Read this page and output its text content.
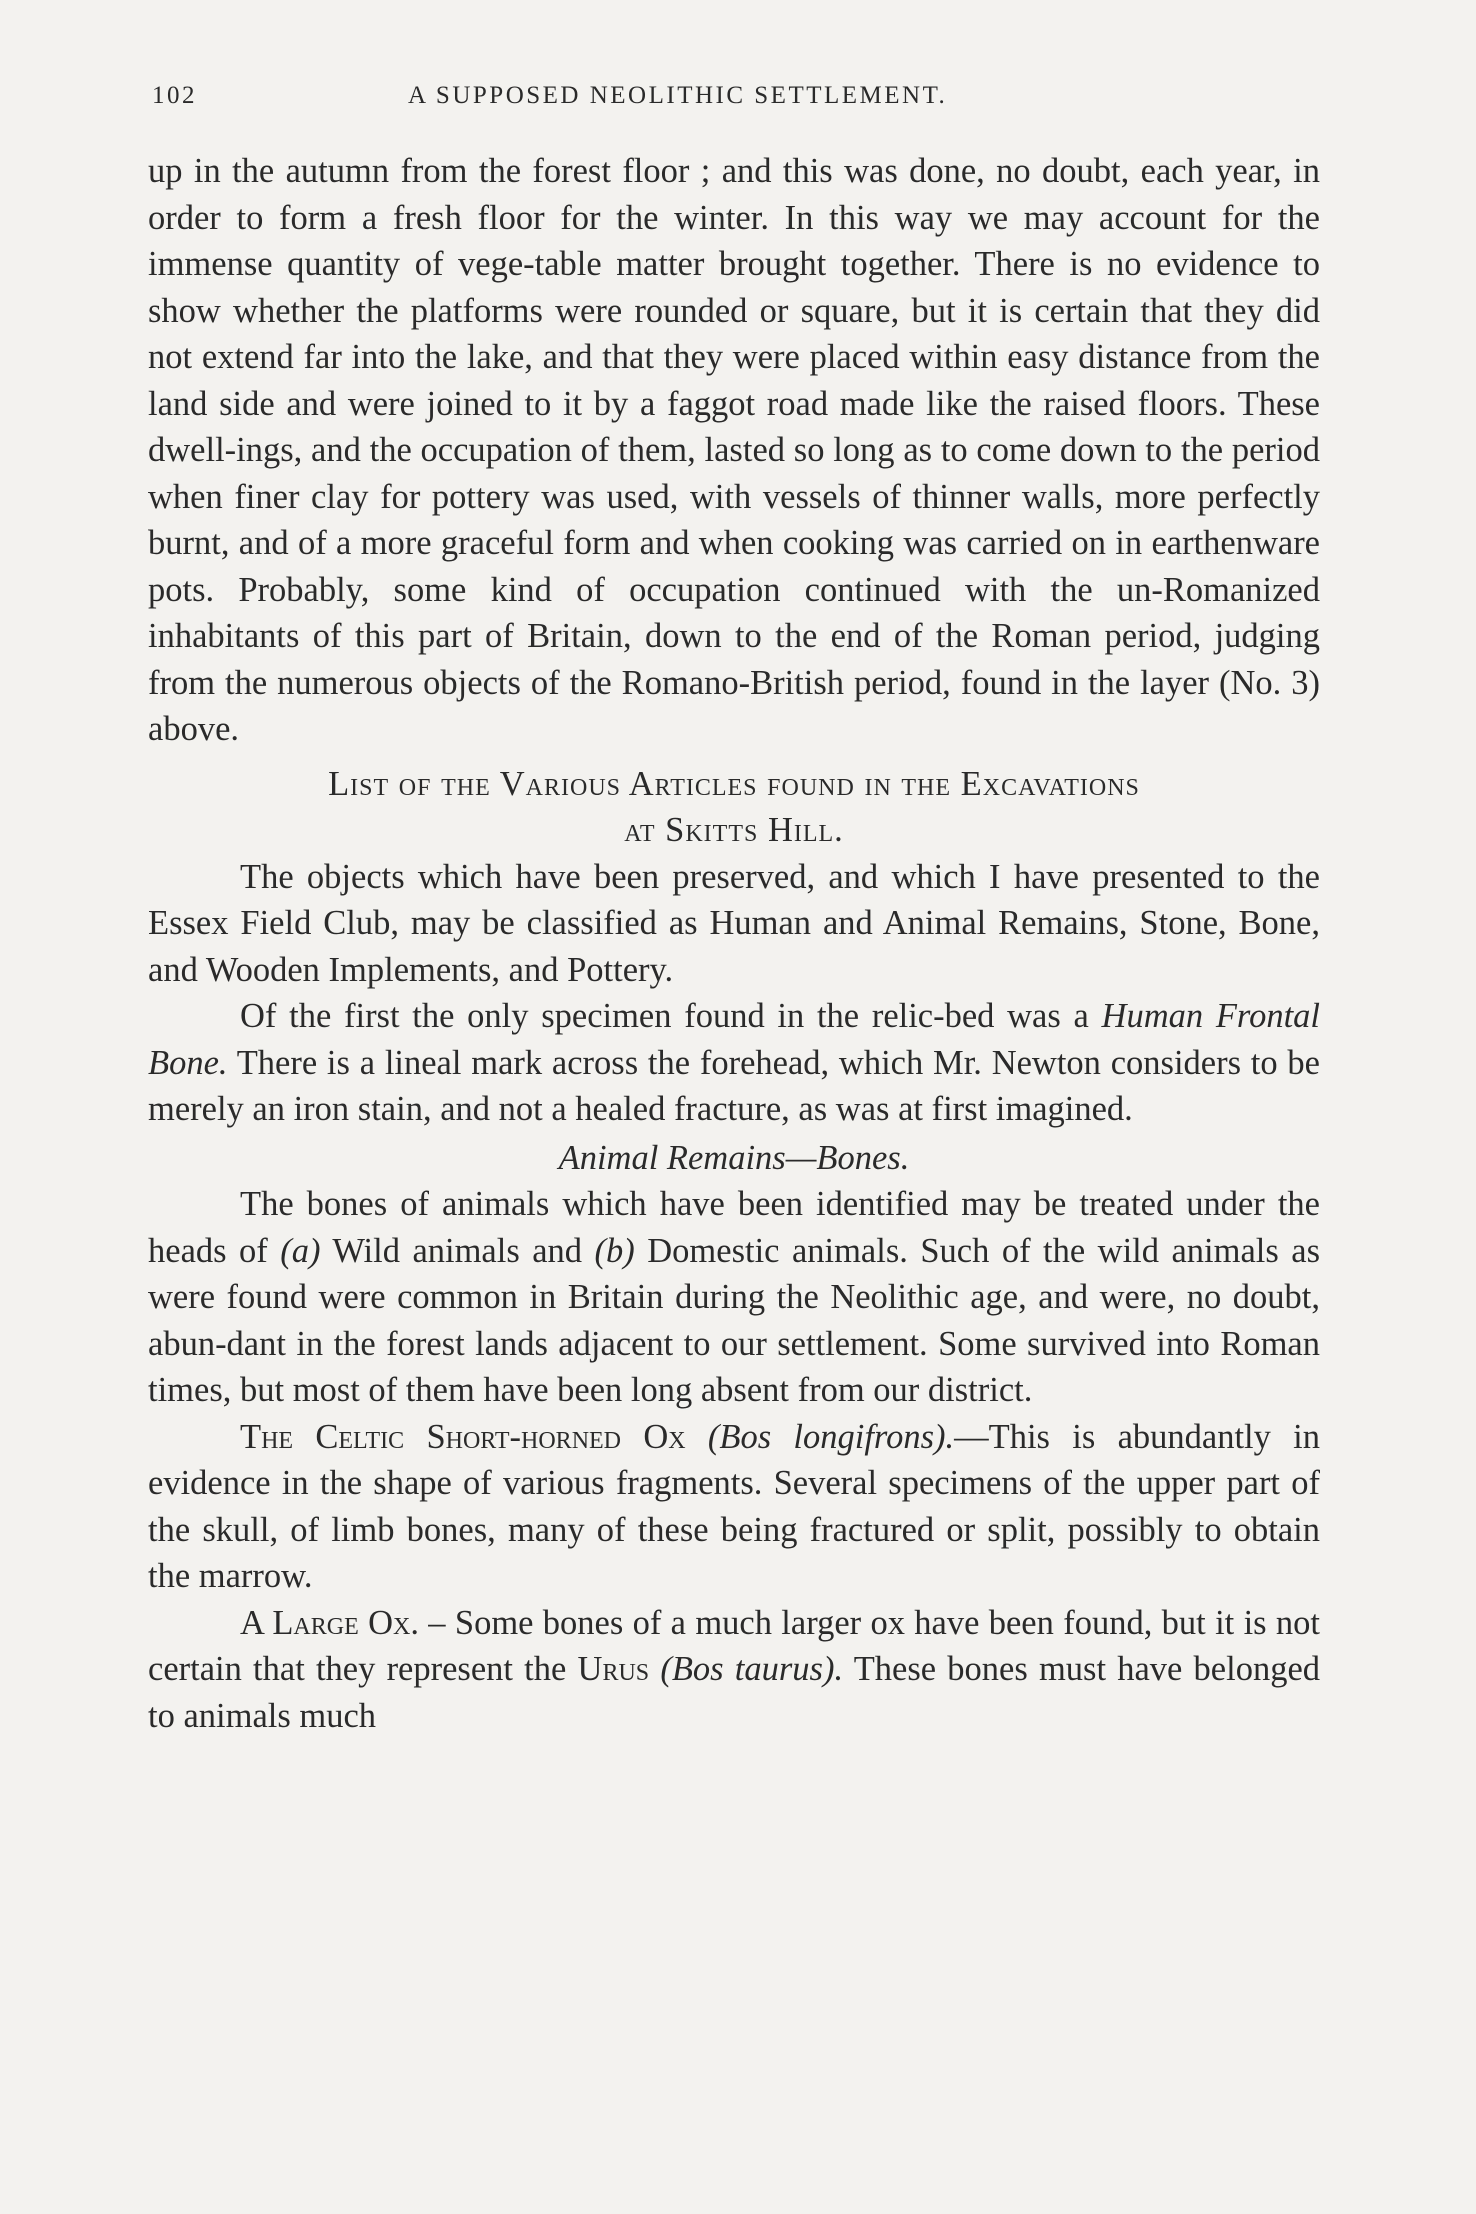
102	A SUPPOSED NEOLITHIC SETTLEMENT.

up in the autumn from the forest floor ; and this was done, no doubt, each year, in order to form a fresh floor for the winter. In this way we may account for the immense quantity of vege-table matter brought together. There is no evidence to show whether the platforms were rounded or square, but it is certain that they did not extend far into the lake, and that they were placed within easy distance from the land side and were joined to it by a faggot road made like the raised floors. These dwell-ings, and the occupation of them, lasted so long as to come down to the period when finer clay for pottery was used, with vessels of thinner walls, more perfectly burnt, and of a more graceful form and when cooking was carried on in earthenware pots. Probably, some kind of occupation continued with the un-Romanized inhabitants of this part of Britain, down to the end of the Roman period, judging from the numerous objects of the Romano-British period, found in the layer (No. 3) above.

List of the Various Articles found in the Excavations
at Skitts Hill.

The objects which have been preserved, and which I have presented to the Essex Field Club, may be classified as Human and Animal Remains, Stone, Bone, and Wooden Implements, and Pottery.

Of the first the only specimen found in the relic-bed was a Human Frontal Bone. There is a lineal mark across the forehead, which Mr. Newton considers to be merely an iron stain, and not a healed fracture, as was at first imagined.

Animal Remains—Bones.

The bones of animals which have been identified may be treated under the heads of (a) Wild animals and (b) Domestic animals. Such of the wild animals as were found were common in Britain during the Neolithic age, and were, no doubt, abun-dant in the forest lands adjacent to our settlement. Some survived into Roman times, but most of them have been long absent from our district.

The Celtic Short-horned Ox (Bos longifrons).—This is abundantly in evidence in the shape of various fragments. Several specimens of the upper part of the skull, of limb bones, many of these being fractured or split, possibly to obtain the marrow.

A Large Ox. – Some bones of a much larger ox have been found, but it is not certain that they represent the Urus (Bos taurus). These bones must have belonged to animals much
